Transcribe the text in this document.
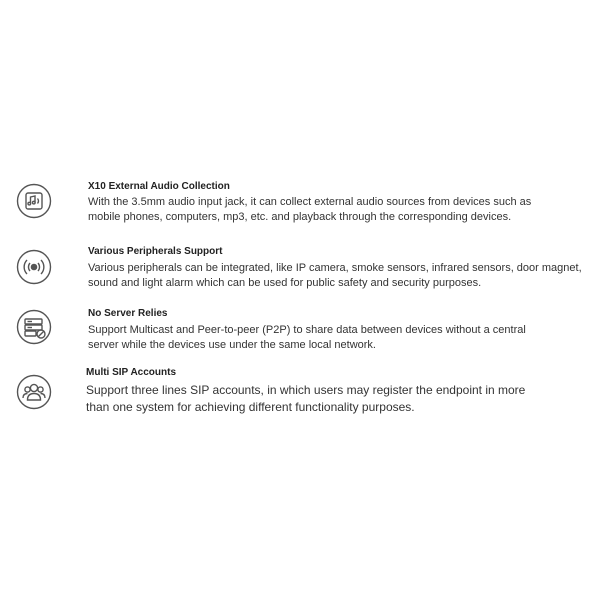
X10 External Audio Collection
With the 3.5mm audio input jack, it can collect external audio sources from devices such as mobile phones, computers, mp3, etc. and playback through the corresponding devices.
Various Peripherals Support
Various peripherals can be integrated, like IP camera, smoke sensors, infrared sensors, door magnet, sound and light alarm which can be used for public safety and security purposes.
No Server Relies
Support Multicast and Peer-to-peer (P2P) to share data between devices without a central server while the devices use under the same local network.
Multi SIP Accounts
Support three lines SIP accounts, in which users may register the endpoint in more than one system for achieving different functionality purposes.
